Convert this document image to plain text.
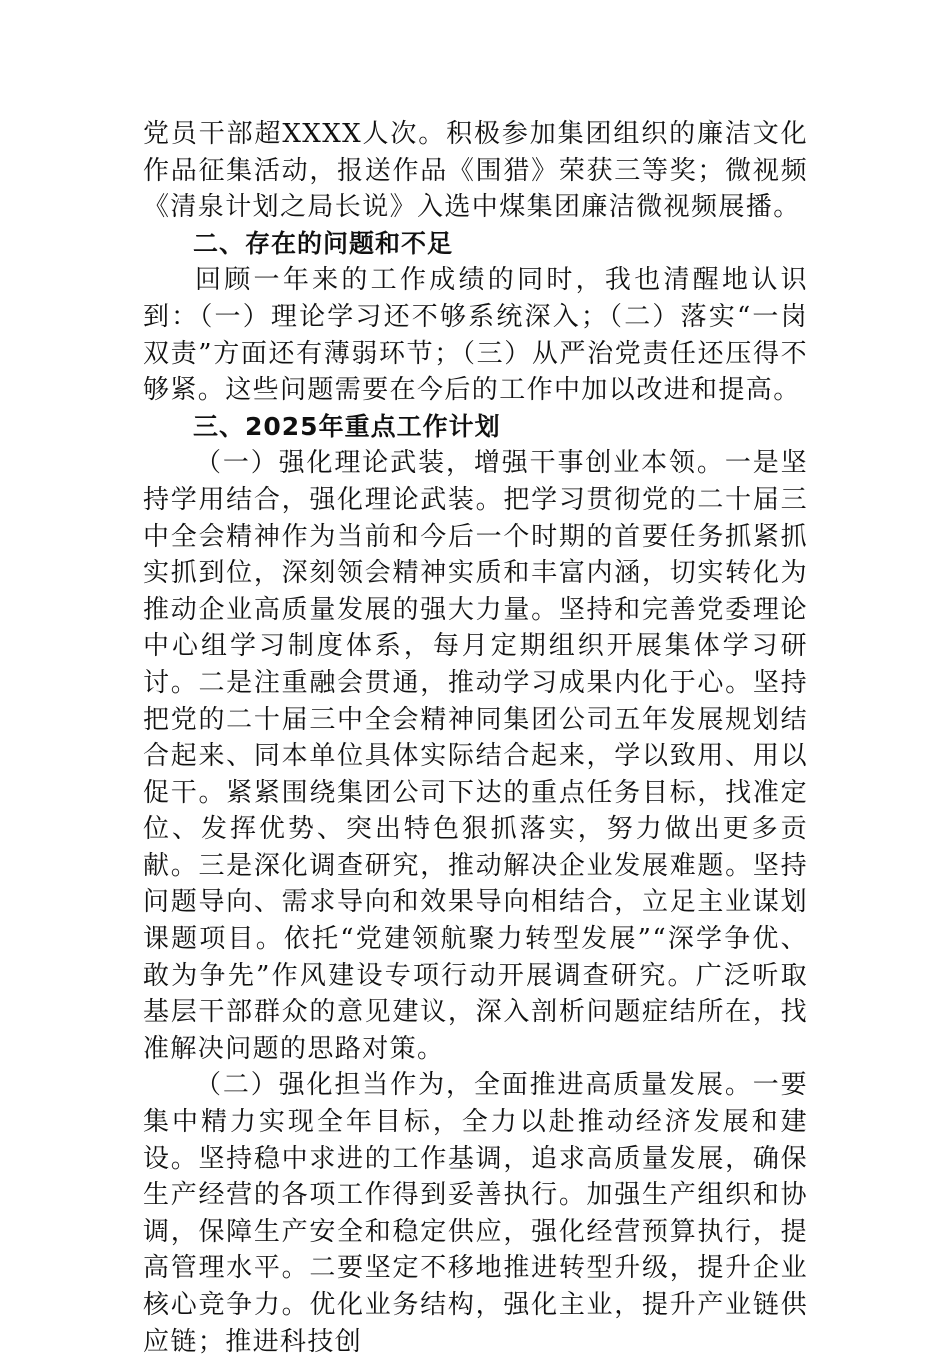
党员干部超XXXX人次。积极参加集团组织的廉洁文化作品征集活动，报送作品《围猎》荣获三等奖；微视频《清泉计划之局长说》入选中煤集团廉洁微视频展播。

二、存在的问题和不足

回顾一年来的工作成绩的同时，我也清醒地认识到：（一）理论学习还不够系统深入；（二）落实“一岗双责”方面还有薄弱环节；（三）从严治党责任还压得不够紧。这些问题需要在今后的工作中加以改进和提高。

三、2025年重点工作计划

（一）强化理论武装，增强干事创业本领。一是坚持学用结合，强化理论武装。把学习贯彻党的二十届三中全会精神作为当前和今后一个时期的首要任务抓紧抓实抓到位，深刻领会精神实质和丰富内涵，切实转化为推动企业高质量发展的强大力量。坚持和完善党委理论中心组学习制度体系，每月定期组织开展集体学习研讨。二是注重融会贯通，推动学习成果内化于心。坚持把党的二十届三中全会精神同集团公司五年发展规划结合起来、同本单位具体实际结合起来，学以致用、用以促干。紧紧围绕集团公司下达的重点任务目标，找准定位、发挥优势、突出特色狠抓落实，努力做出更多贡献。三是深化调查研究，推动解决企业发展难题。坚持问题导向、需求导向和效果导向相结合，立足主业谋划课题项目。依托“党建领航聚力转型发展”“深学争优、敢为争先”作风建设专项行动开展调查研究。广泛听取基层干部群众的意见建议，深入剖析问题症结所在，找准解决问题的思路对策。

（二）强化担当作为，全面推进高质量发展。一要集中精力实现全年目标，全力以赴推动经济发展和建设。坚持稳中求进的工作基调，追求高质量发展，确保生产经营的各项工作得到妥善执行。加强生产组织和协调，保障生产安全和稳定供应，强化经营预算执行，提高管理水平。二要坚定不移地推进转型升级，提升企业核心竞争力。优化业务结构，强化主业，提升产业链供应链；推进科技创
